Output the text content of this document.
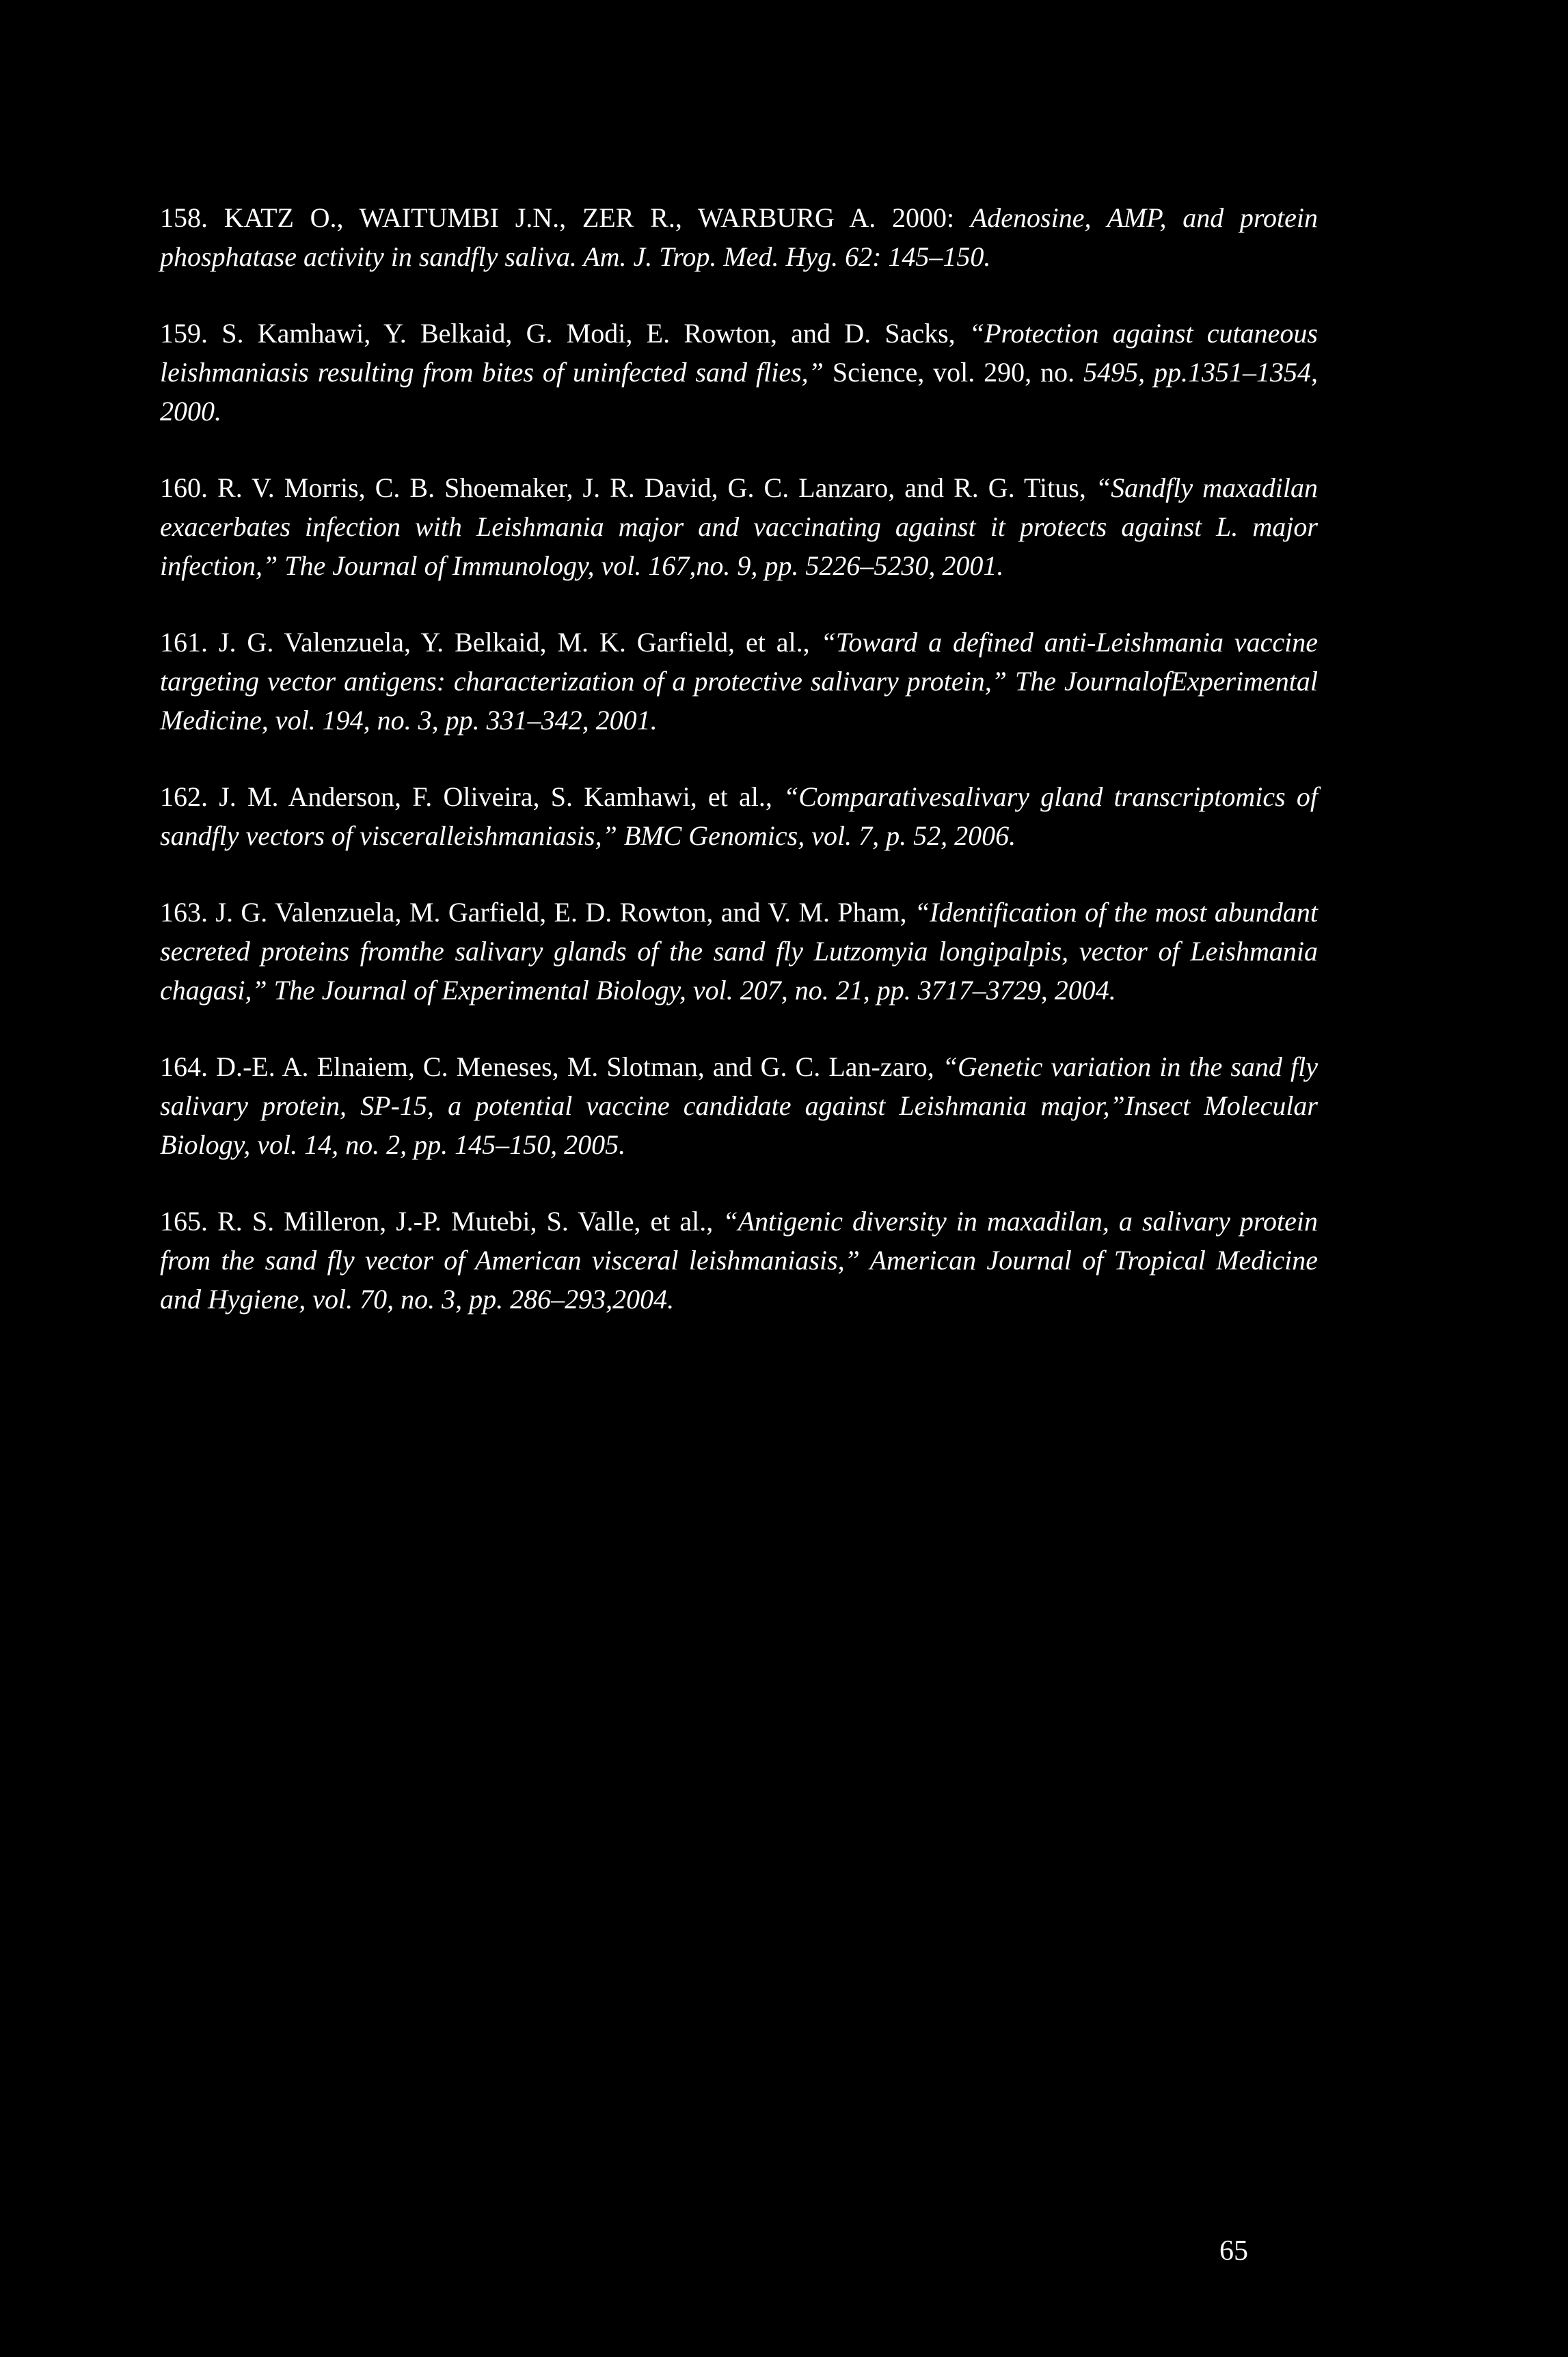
158. KATZ O., WAITUMBI J.N., ZER R., WARBURG A. 2000: Adenosine, AMP, and protein phosphatase activity in sandfly saliva. Am. J. Trop. Med. Hyg. 62: 145–150.

159. S. Kamhawi, Y. Belkaid, G. Modi, E. Rowton, and D. Sacks, “Protection against cutaneous leishmaniasis resulting from bites of uninfected sand flies,” Science, vol. 290, no. 5495, pp.1351–1354, 2000.

160. R. V. Morris, C. B. Shoemaker, J. R. David, G. C. Lanzaro, and R. G. Titus, “Sandfly maxadilan exacerbates infection with Leishmania major and vaccinating against it protects against L. major infection,” The Journal of Immunology, vol. 167,no. 9, pp. 5226–5230, 2001.

161. J. G. Valenzuela, Y. Belkaid, M. K. Garfield, et al., “Toward a defined anti-Leishmania vaccine targeting vector antigens: characterization of a protective salivary protein,” The JournalofExperimental Medicine, vol. 194, no. 3, pp. 331–342, 2001.

162. J. M. Anderson, F. Oliveira, S. Kamhawi, et al., “Comparativesalivary gland transcriptomics of sandfly vectors of visceralleishmaniasis,” BMC Genomics, vol. 7, p. 52, 2006.

163. J. G. Valenzuela, M. Garfield, E. D. Rowton, and V. M. Pham, “Identification of the most abundant secreted proteins fromthe salivary glands of the sand fly Lutzomyia longipalpis, vector of Leishmania chagasi,” The Journal of Experimental Biology, vol. 207, no. 21, pp. 3717–3729, 2004.

164. D.-E. A. Elnaiem, C. Meneses, M. Slotman, and G. C. Lan-zaro, “Genetic variation in the sand fly salivary protein, SP-15, a potential vaccine candidate against Leishmania major,”Insect Molecular Biology, vol. 14, no. 2, pp. 145–150, 2005.

165. R. S. Milleron, J.-P. Mutebi, S. Valle, et al., “Antigenic diversity in maxadilan, a salivary protein from the sand fly vector of American visceral leishmaniasis,” American Journal of Tropical Medicine and Hygiene, vol. 70, no. 3, pp. 286–293,2004.

65
